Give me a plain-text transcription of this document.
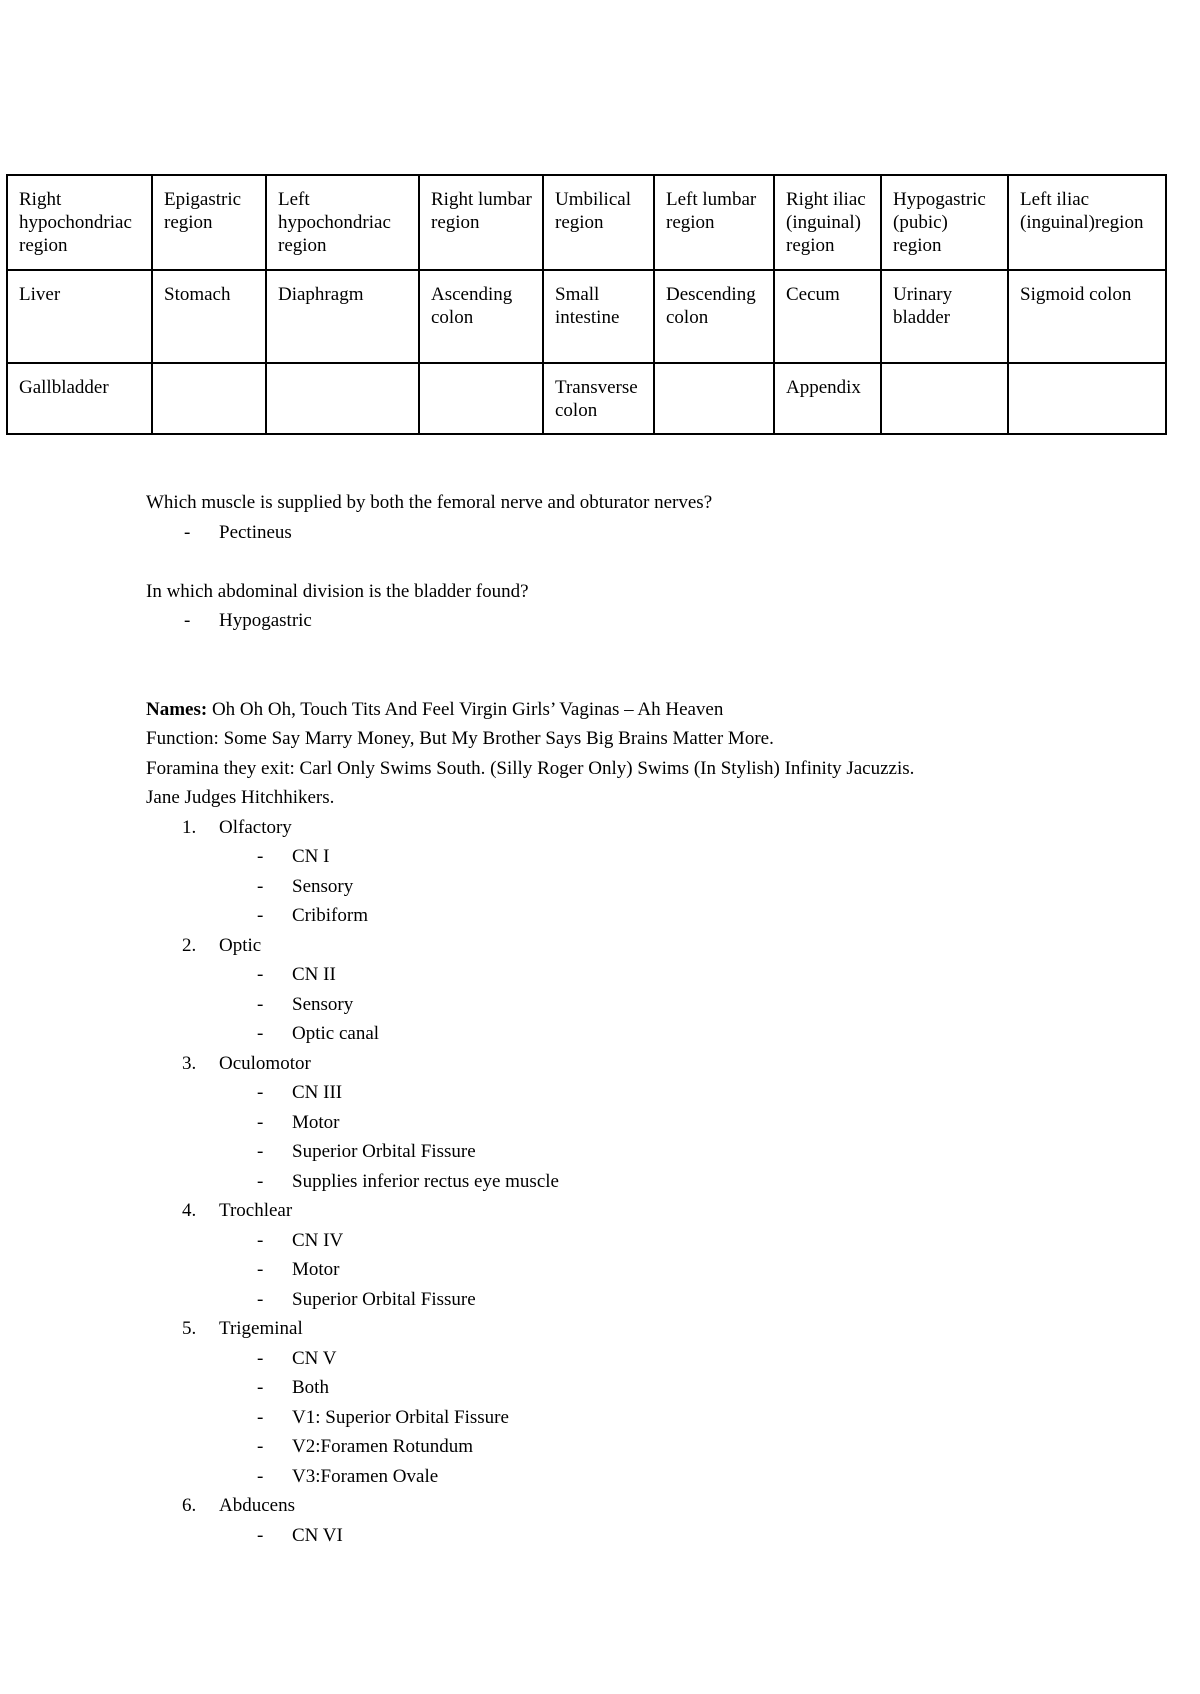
Right hypochondriac region	Epigastric region	Left hypochondriac region	Right lumbar region	Umbilical region	Left lumbar region	Right iliac (inguinal) region	Hypogastric (pubic) region	Left iliac (inguinal)region
Liver	Stomach	Diaphragm	Ascending colon	Small intestine	Descending colon	Cecum	Urinary bladder	Sigmoid colon
Gallbladder				Transverse colon		Appendix		
Which muscle is supplied by both the femoral nerve and obturator nerves?
- Pectineus
In which abdominal division is the bladder found?
- Hypogastric
Names: Oh Oh Oh, Touch Tits And Feel Virgin Girls’ Vaginas – Ah Heaven
Function: Some Say Marry Money, But My Brother Says Big Brains Matter More.
Foramina they exit: Carl Only Swims South. (Silly Roger Only) Swims (In Stylish) Infinity Jacuzzis.
Jane Judges Hitchhikers.
1. Olfactory
- CN I
- Sensory
- Cribiform
2. Optic
- CN II
- Sensory
- Optic canal
3. Oculomotor
- CN III
- Motor
- Superior Orbital Fissure
- Supplies inferior rectus eye muscle
4. Trochlear
- CN IV
- Motor
- Superior Orbital Fissure
5. Trigeminal
- CN V
- Both
- V1: Superior Orbital Fissure
- V2:Foramen Rotundum
- V3:Foramen Ovale
6. Abducens
- CN VI
